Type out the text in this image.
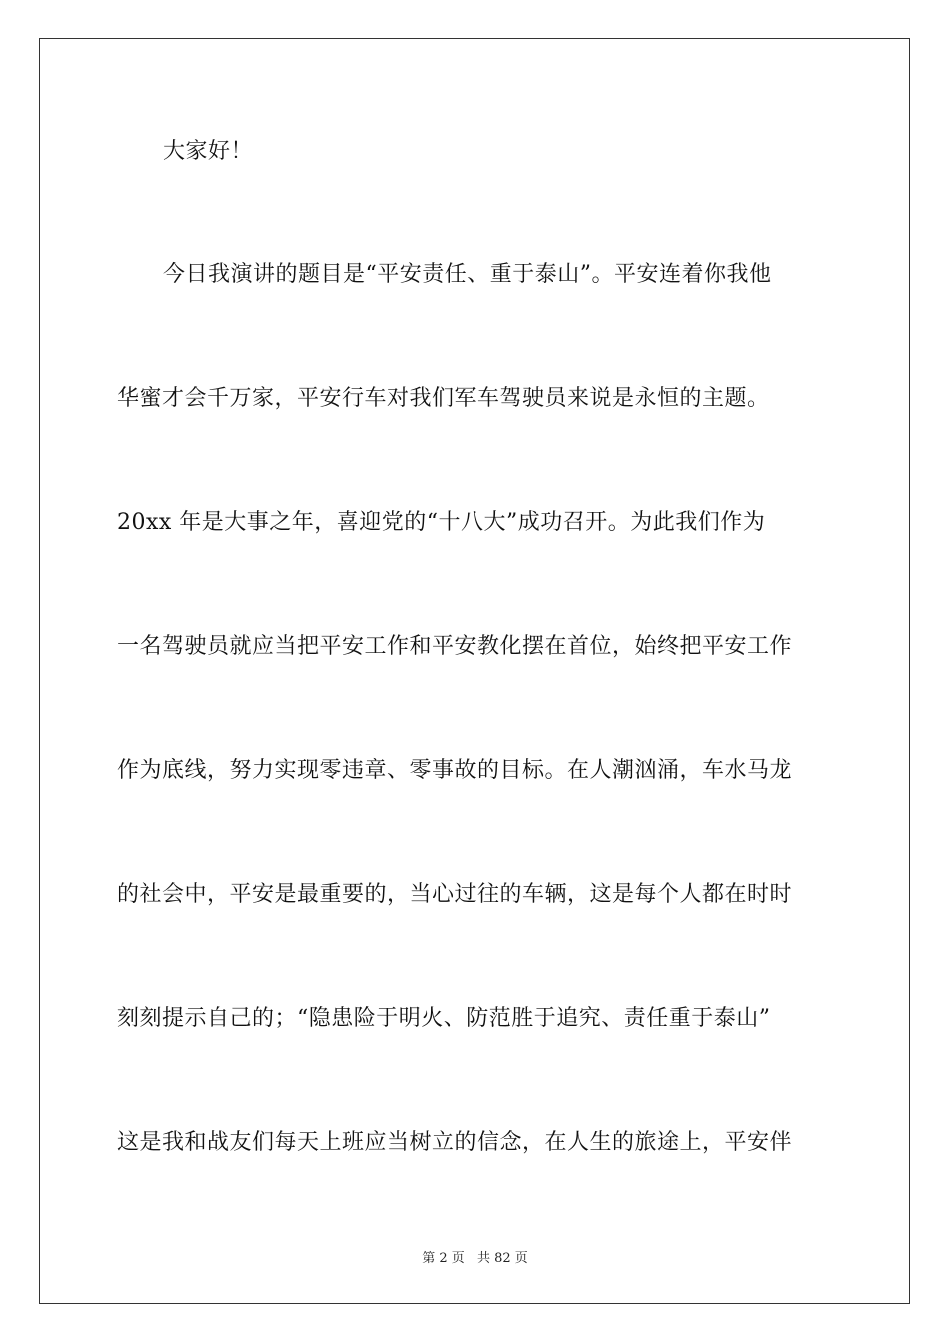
大家好！
今日我演讲的题目是“平安责任、重于泰山”。平安连着你我他
华蜜才会千万家，平安行车对我们军车驾驶员来说是永恒的主题。
20xx 年是大事之年，喜迎党的“十八大”成功召开。为此我们作为
一名驾驶员就应当把平安工作和平安教化摆在首位，始终把平安工作
作为底线，努力实现零违章、零事故的目标。在人潮汹涌，车水马龙
的社会中，平安是最重要的，当心过往的车辆，这是每个人都在时时
刻刻提示自己的；“隐患险于明火、防范胜于追究、责任重于泰山”
这是我和战友们每天上班应当树立的信念，在人生的旅途上，平安伴
第 2 页 共 82 页
